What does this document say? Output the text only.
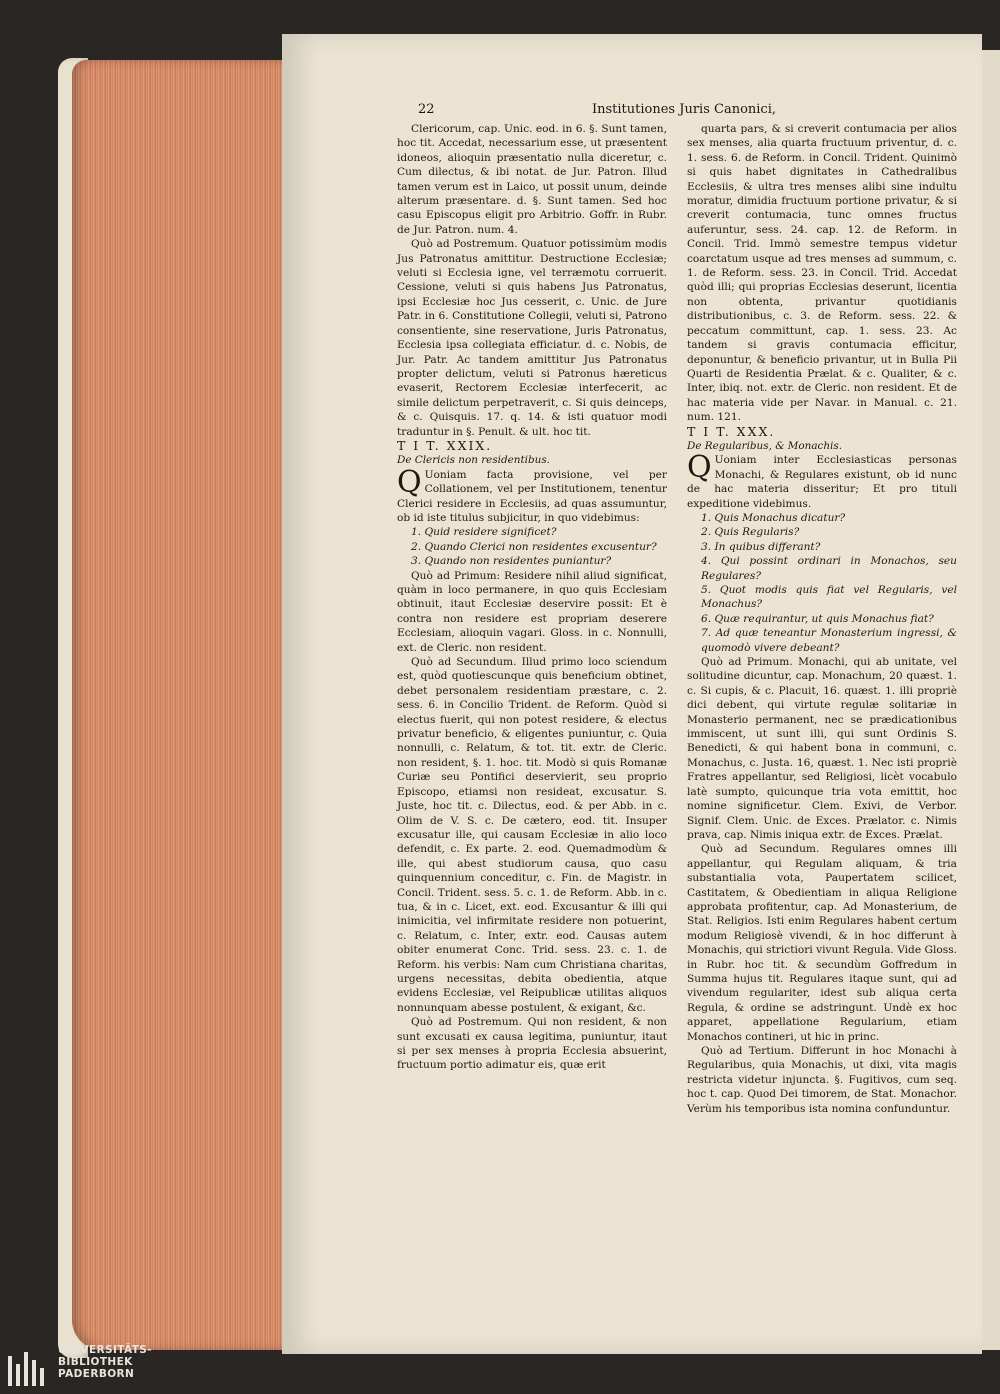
22	Institutiones Juris Canonici,

Clericorum, cap. Unic. eod. in 6. §. Sunt tamen, hoc tit. Accedat, necessarium esse, ut præsentent idoneos, alioquin præsentatio nulla diceretur, c. Cum dilectus, & ibi notat. de Jur. Patron. Illud tamen verum est in Laico, ut possit unum, deinde alterum præsentare. d. §. Sunt tamen. Sed hoc casu Episcopus eligit pro Arbitrio. Goffr. in Rubr. de Jur. Patron. num. 4.

Quò ad Postremum. Quatuor potissimùm modis Jus Patronatus amittitur. Destructione Ecclesiæ; veluti si Ecclesia igne, vel terræmotu corruerit. Cessione, veluti si quis habens Jus Patronatus, ipsi Ecclesiæ hoc Jus cesserit, c. Unic. de Jure Patr. in 6. Constitutione Collegii, veluti si, Patrono consentiente, sine reservatione, Juris Patronatus, Ecclesia ipsa collegiata efficiatur. d. c. Nobis, de Jur. Patr. Ac tandem amittitur Jus Patronatus propter delictum, veluti si Patronus hæreticus evaserit, Rectorem Ecclesiæ interfecerit, ac simile delictum perpetraverit, c. Si quis deinceps, & c. Quisquis. 17. q. 14. & isti quatuor modi traduntur in §. Penult. & ult. hoc tit.

T I T. XXIX.

De Clericis non residentibus.

Q Uoniam facta provisione, vel per Collationem, vel per Institutionem, tenentur Clerici residere in Ecclesiis, ad quas assumuntur, ob id iste titulus subjicitur, in quo videbimus:

1. Quid residere significet?

2. Quando Clerici non residentes excusentur?

3. Quando non residentes puniantur?

Quò ad Primum: Residere nihil aliud significat, quàm in loco permanere, in quo quis Ecclesiam obtinuit, itaut Ecclesiæ deservire possit: Et è contra non residere est propriam deserere Ecclesiam, alioquin vagari. Gloss. in c. Nonnulli, ext. de Cleric. non resident.

Quò ad Secundum. Illud primo loco sciendum est, quòd quotiescunque quis beneficium obtinet, debet personalem residentiam præstare, c. 2. sess. 6. in Concilio Trident. de Reform. Quòd si electus fuerit, qui non potest residere, & electus privatur beneficio, & eligentes puniuntur, c. Quia nonnulli, c. Relatum, & tot. tit. extr. de Cleric. non resident, §. 1. hoc. tit. Modò si quis Romanæ Curiæ seu Pontifici deservierit, seu proprio Episcopo, etiamsi non resideat, excusatur. S. Juste, hoc tit. c. Dilectus, eod. & per Abb. in c. Olim de V. S. c. De cætero, eod. tit. Insuper excusatur ille, qui causam Ecclesiæ in alio loco defendit, c. Ex parte. 2. eod. Quemadmodùm & ille, qui abest studiorum causa, quo casu quinquennium conceditur, c. Fin. de Magistr. in Concil. Trident. sess. 5. c. 1. de Reform. Abb. in c. tua, & in c. Licet, ext. eod. Excusantur & illi qui inimicitia, vel infirmitate residere non potuerint, c. Relatum, c. Inter, extr. eod. Causas autem obiter enumerat Conc. Trid. sess. 23. c. 1. de Reform. his verbis: Nam cum Christiana charitas, urgens necessitas, debita obedientia, atque evidens Ecclesiæ, vel Reipublicæ utilitas aliquos nonnunquam abesse postulent, & exigant, &c.

Quò ad Postremum. Qui non resident, & non sunt excusati ex causa legitima, puniuntur, itaut si per sex menses à propria Ecclesia absuerint, fructuum portio adimatur eis, quæ erit

quarta pars, & si creverit contumacia per alios sex menses, alia quarta fructuum priventur, d. c. 1. sess. 6. de Reform. in Concil. Trident. Quinimò si quis habet dignitates in Cathedralibus Ecclesiis, & ultra tres menses alibi sine indultu moratur, dimidia fructuum portione privatur, & si creverit contumacia, tunc omnes fructus auferuntur, sess. 24. cap. 12. de Reform. in Concil. Trid. Immò semestre tempus videtur coarctatum usque ad tres menses ad summum, c. 1. de Reform. sess. 23. in Concil. Trid. Accedat quòd illi; qui proprias Ecclesias deserunt, licentia non obtenta, privantur quotidianis distributionibus, c. 3. de Reform. sess. 22. & peccatum committunt, cap. 1. sess. 23. Ac tandem si gravis contumacia efficitur, deponuntur, & beneficio privantur, ut in Bulla Pii Quarti de Residentia Prælat. & c. Qualiter, & c. Inter, ibiq. not. extr. de Cleric. non resident. Et de hac materia vide per Navar. in Manual. c. 21. num. 121.

T I T. XXX.

De Regularibus, & Monachis.

Q Uoniam inter Ecclesiasticas personas Monachi, & Regulares existunt, ob id nunc de hac materia disseritur; Et pro tituli expeditione videbimus.

1. Quis Monachus dicatur?

2. Quis Regularis?

3. In quibus differant?

4. Qui possint ordinari in Monachos, seu Regulares?

5. Quot modis quis fiat vel Regularis, vel Monachus?

6. Quæ requirantur, ut quis Monachus fiat?

7. Ad quæ teneantur Monasterium ingressi, & quomodò vivere debeant?

Quò ad Primum. Monachi, qui ab unitate, vel solitudine dicuntur, cap. Monachum, 20 quæst. 1. c. Si cupis, & c. Placuit, 16. quæst. 1. illi propriè dici debent, qui virtute regulæ solitariæ in Monasterio permanent, nec se prædicationibus immiscent, ut sunt illi, qui sunt Ordinis S. Benedicti, & qui habent bona in communi, c. Monachus, c. Justa. 16, quæst. 1. Nec isti propriè Fratres appellantur, sed Religiosi, licèt vocabulo latè sumpto, quicunque tria vota emittit, hoc nomine significetur. Clem. Exivi, de Verbor. Signif. Clem. Unic. de Exces. Prælator. c. Nimis prava, cap. Nimis iniqua extr. de Exces. Prælat.

Quò ad Secundum. Regulares omnes illi appellantur, qui Regulam aliquam, & tria substantialia vota, Paupertatem scilicet, Castitatem, & Obedientiam in aliqua Religione approbata profitentur, cap. Ad Monasterium, de Stat. Religios. Isti enim Regulares habent certum modum Religiosè vivendi, & in hoc differunt à Monachis, qui strictiori vivunt Regula. Vide Gloss. in Rubr. hoc tit. & secundùm Goffredum in Summa hujus tit. Regulares itaque sunt, qui ad vivendum regulariter, idest sub aliqua certa Regula, & ordine se adstringunt. Undè ex hoc apparet, appellatione Regularium, etiam Monachos contineri, ut hic in princ.

Quò ad Tertium. Differunt in hoc Monachi à Regularibus, quia Monachis, ut dixi, vita magis restricta videtur injuncta. §. Fugitivos, cum seq. hoc t. cap. Quod Dei timorem, de Stat. Monachor. Verùm his temporibus ista nomina confunduntur.

UNIVERSITÄTS-
BIBLIOTHEK
PADERBORN
